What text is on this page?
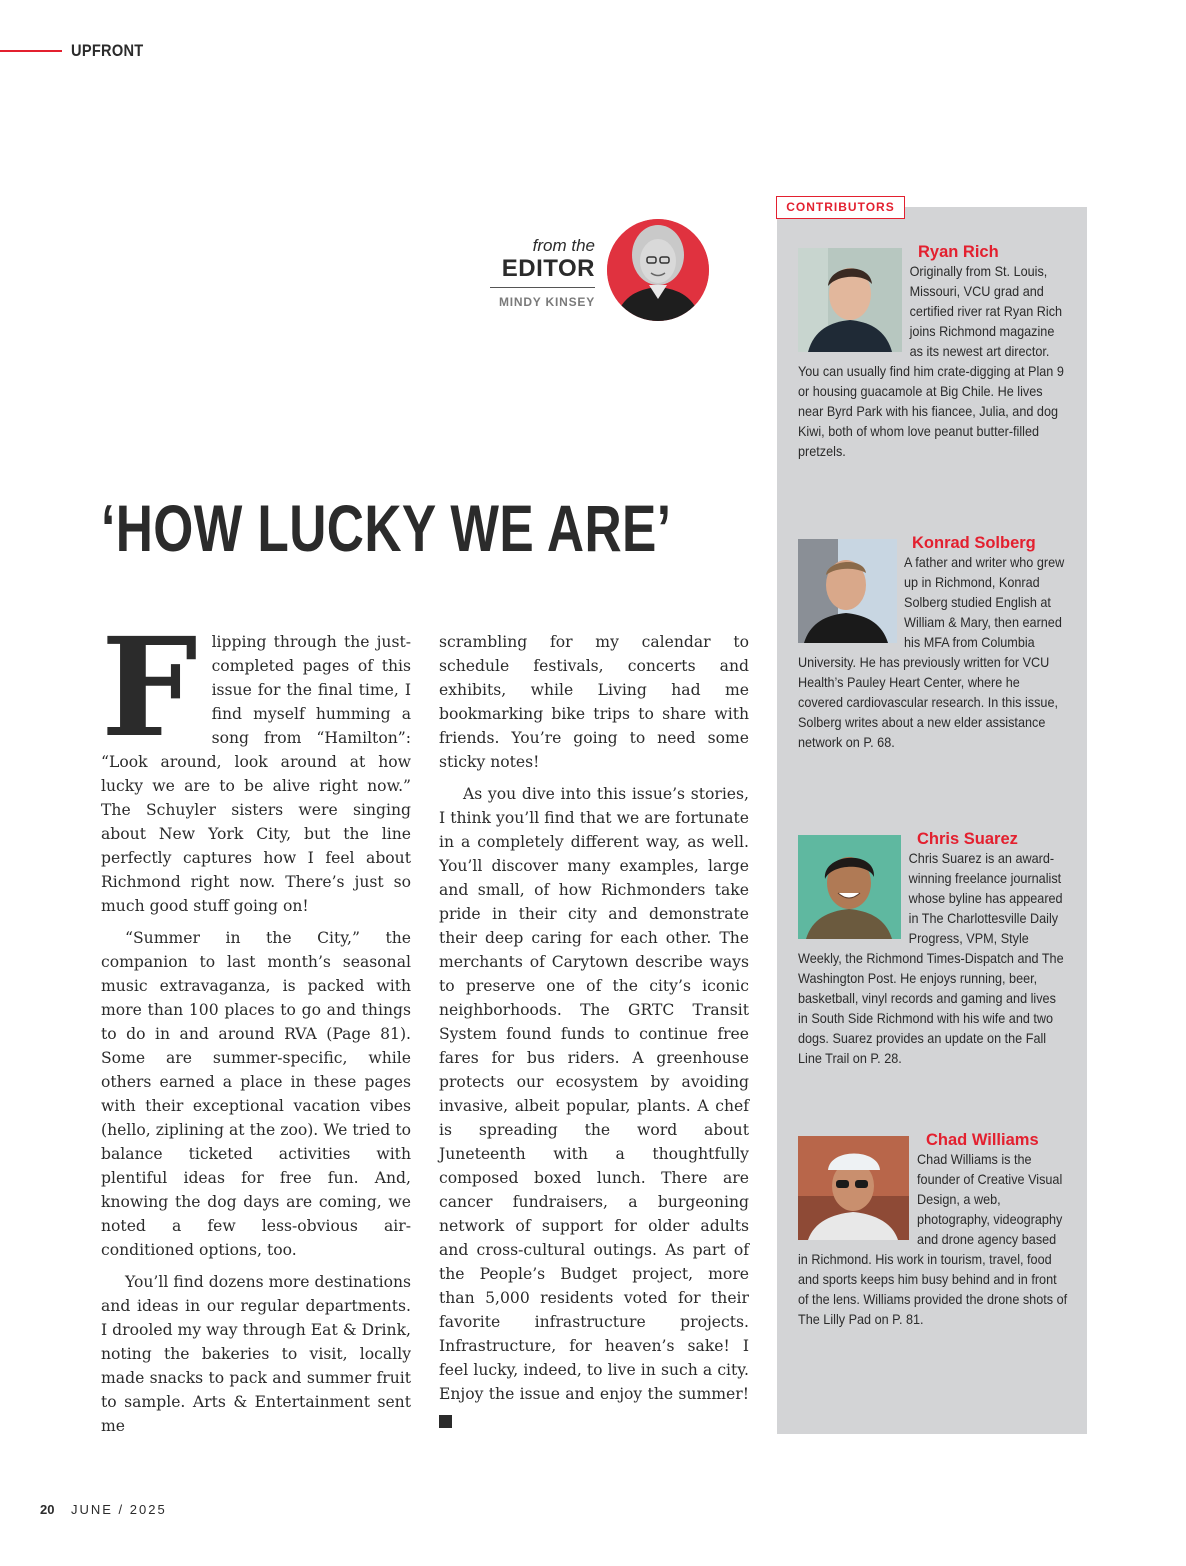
UPFRONT
from the
EDITOR
MINDY KINSEY
‘HOW LUCKY WE ARE’

Flipping through the just-completed pages of this issue for the final time, I find myself humming a song from “Hamilton”: “Look around, look around at how lucky we are to be alive right now.” The Schuyler sisters were singing about New York City, but the line perfectly captures how I feel about Richmond right now. There’s just so much good stuff going on!

“Summer in the City,” the companion to last month’s seasonal music extravaganza, is packed with more than 100 places to go and things to do in and around RVA (Page 81). Some are summer-specific, while others earned a place in these pages with their exceptional vacation vibes (hello, ziplining at the zoo). We tried to balance ticketed activities with plentiful ideas for free fun. And, knowing the dog days are coming, we noted a few less-obvious air-conditioned options, too.

You’ll find dozens more destinations and ideas in our regular departments. I drooled my way through Eat & Drink, noting the bakeries to visit, locally made snacks to pack and summer fruit to sample. Arts & Entertainment sent me

scrambling for my calendar to schedule festivals, concerts and exhibits, while Living had me bookmarking bike trips to share with friends. You’re going to need some sticky notes!

As you dive into this issue’s stories, I think you’ll find that we are fortunate in a completely different way, as well. You’ll discover many examples, large and small, of how Richmonders take pride in their city and demonstrate their deep caring for each other. The merchants of Carytown describe ways to preserve one of the city’s iconic neighborhoods. The GRTC Transit System found funds to continue free fares for bus riders. A greenhouse protects our ecosystem by avoiding invasive, albeit popular, plants. A chef is spreading the word about Juneteenth with a thoughtfully composed boxed lunch. There are cancer fundraisers, a burgeoning network of support for older adults and cross-cultural outings. As part of the People’s Budget project, more than 5,000 residents voted for their favorite infrastructure projects. Infrastructure, for heaven’s sake! I feel lucky, indeed, to live in such a city. Enjoy the issue and enjoy the summer! R

CONTRIBUTORS
Ryan Rich
Originally from St. Louis, Missouri, VCU grad and certified river rat Ryan Rich joins Richmond magazine as its newest art director. You can usually find him crate-digging at Plan 9 or housing guacamole at Big Chile. He lives near Byrd Park with his fiancee, Julia, and dog Kiwi, both of whom love peanut butter-filled pretzels.
Konrad Solberg
A father and writer who grew up in Richmond, Konrad Solberg studied English at William & Mary, then earned his MFA from Columbia University. He has previously written for VCU Health’s Pauley Heart Center, where he covered cardiovascular research. In this issue, Solberg writes about a new elder assistance network on P. 68.
Chris Suarez
Chris Suarez is an award-winning freelance journalist whose byline has appeared in The Charlottesville Daily Progress, VPM, Style Weekly, the Richmond Times-Dispatch and The Washington Post. He enjoys running, beer, basketball, vinyl records and gaming and lives in South Side Richmond with his wife and two dogs. Suarez provides an update on the Fall Line Trail on P. 28.
Chad Williams
Chad Williams is the founder of Creative Visual Design, a web, photography, videography and drone agency based in Richmond. His work in tourism, travel, food and sports keeps him busy behind and in front of the lens. Williams provided the drone shots of The Lilly Pad on P. 81.
20 JUNE / 2025
